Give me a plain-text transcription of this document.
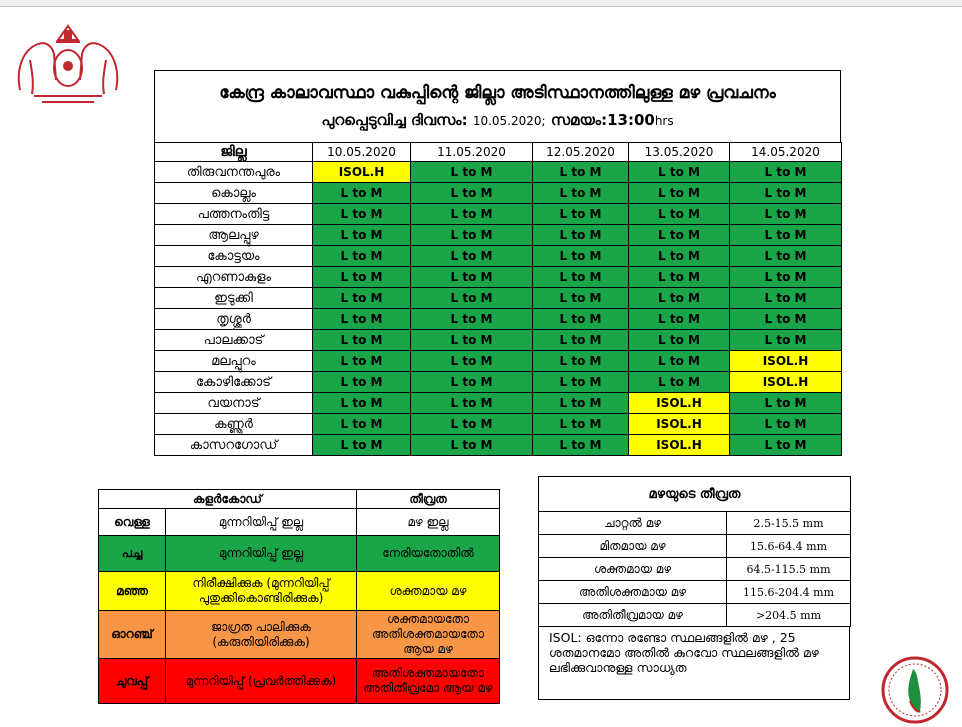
കേന്ദ്ര കാലാവസ്ഥാ വകുപ്പിന്റെ ജില്ലാ അടിസ്ഥാനത്തിലുള്ള മഴ പ്രവചനം
പുറപ്പെടുവിച്ച ദിവസം: 10.05.2020; സമയം:13:00hrs
ജില്ല	10.05.2020	11.05.2020	12.05.2020	13.05.2020	14.05.2020
തിരുവനന്തപുരം	ISOL.H	L to M	L to M	L to M	L to M
കൊല്ലം	L to M	L to M	L to M	L to M	L to M
പത്തനംതിട്ട	L to M	L to M	L to M	L to M	L to M
ആലപ്പുഴ	L to M	L to M	L to M	L to M	L to M
കോട്ടയം	L to M	L to M	L to M	L to M	L to M
എറണാകുളം	L to M	L to M	L to M	L to M	L to M
ഇടുക്കി	L to M	L to M	L to M	L to M	L to M
തൃശ്ശൂർ	L to M	L to M	L to M	L to M	L to M
പാലക്കാട്	L to M	L to M	L to M	L to M	L to M
മലപ്പുറം	L to M	L to M	L to M	L to M	ISOL.H
കോഴിക്കോട്	L to M	L to M	L to M	L to M	ISOL.H
വയനാട്	L to M	L to M	L to M	ISOL.H	L to M
കണ്ണൂർ	L to M	L to M	L to M	ISOL.H	L to M
കാസറഗോഡ്	L to M	L to M	L to M	ISOL.H	L to M
കളർകോഡ്		തീവ്രത
വെള്ള	മുന്നറിയിപ്പ് ഇല്ല	മഴ ഇല്ല
പച്ച	മുന്നറിയിപ്പ് ഇല്ല	നേരിയതോതിൽ
മഞ്ഞ	നിരീക്ഷിക്കുക (മുന്നറിയിപ്പ് പുതുക്കികൊണ്ടിരിക്കുക)	ശക്തമായ മഴ
ഓറഞ്ച്	ജാഗ്രത പാലിക്കുക (കരുതിയിരിക്കുക)	ശക്തമായതോ അതിശക്തമായതോ ആയ മഴ
ചുവപ്പ്	മുന്നറിയിപ്പ് (പ്രവർത്തിക്കുക)	അതിശക്തമായതോ അതിതീവ്രമോ ആയ മഴ
മഴയുടെ തീവ്രത	
ചാറ്റൽ മഴ	2.5-15.5 mm
മിതമായ മഴ	15.6-64.4 mm
ശക്തമായ മഴ	64.5-115.5 mm
അതിശക്തമായ മഴ	115.6-204.4 mm
അതിതീവ്രമായ മഴ	>204.5 mm
ISOL: ഒന്നോ രണ്ടോ സ്ഥലങ്ങളിൽ മഴ , 25 ശതമാനമോ അതിൽ കുറവോ സ്ഥലങ്ങളിൽ മഴ ലഭിക്കുവാനുള്ള സാധ്യത
